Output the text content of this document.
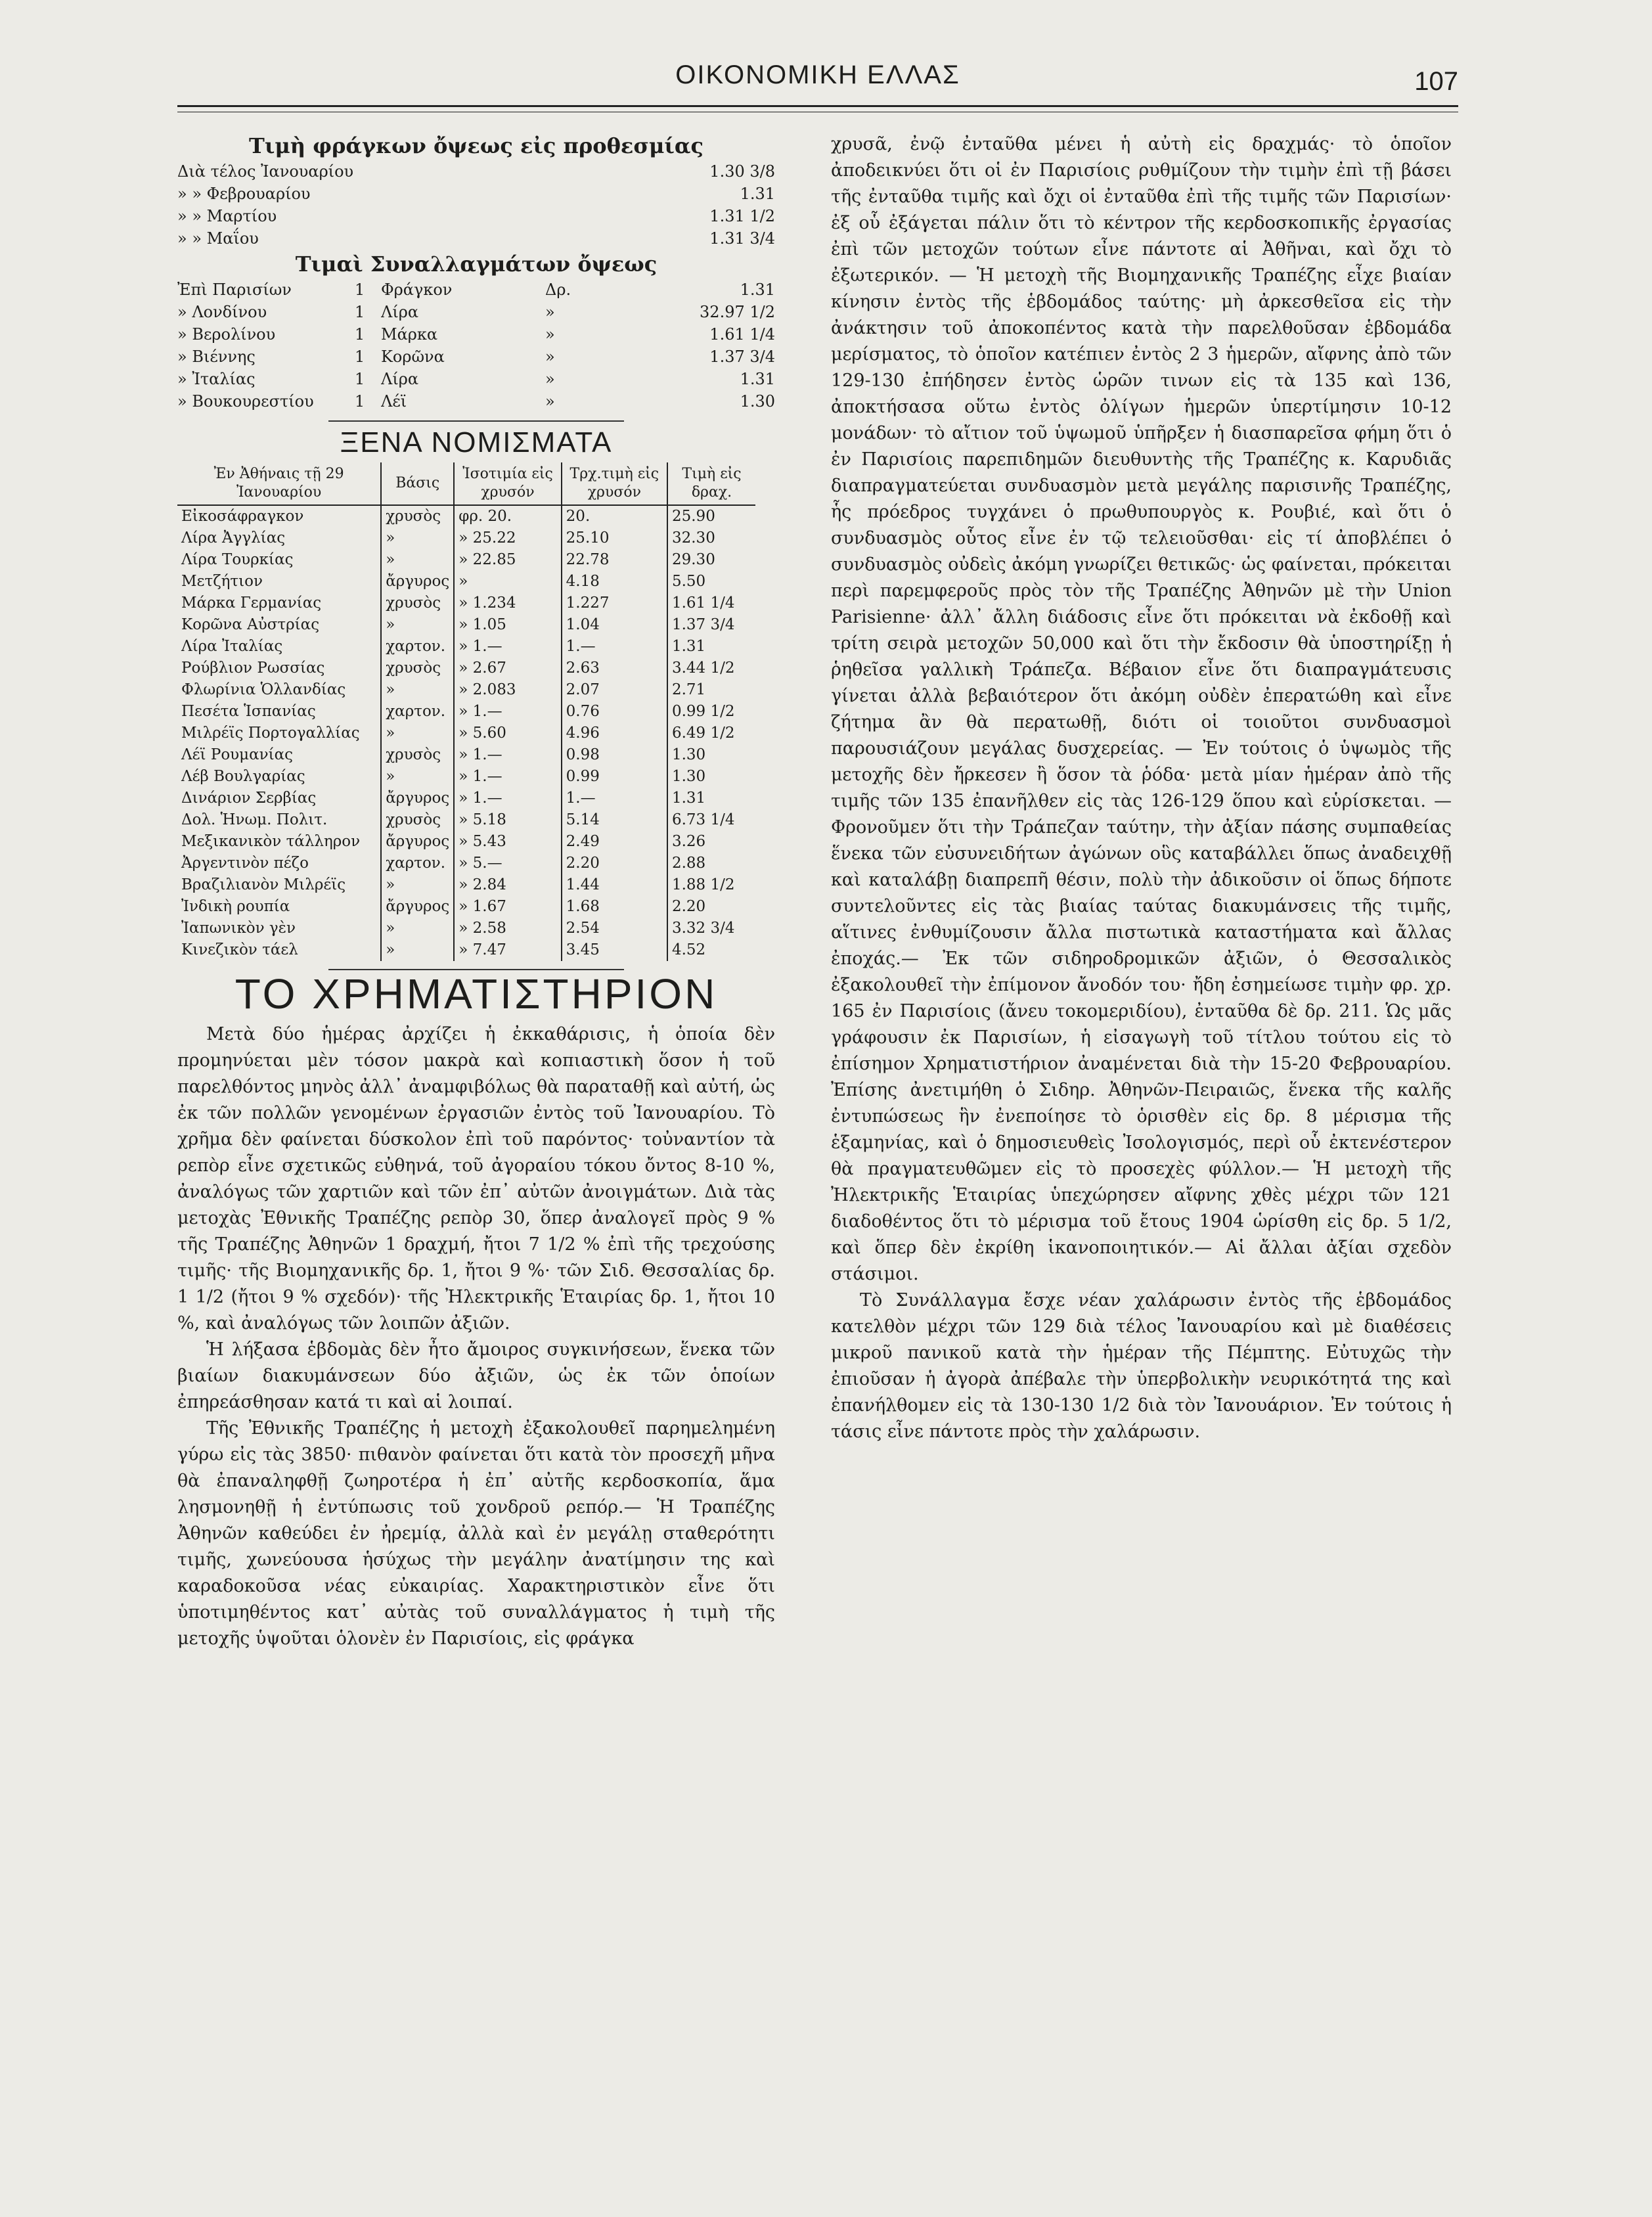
ΟΙΚΟΝΟΜΙΚΗ ΕΛΛΑΣ	107
Τιμὴ φράγκων ὄψεως εἰς προθεσμίας
Διὰ τέλος Ἰανουαρίου	1.30 3/8
» » Φεβρουαρίου	1.31
» » Μαρτίου	1.31 1/2
» » Μαΐου	1.31 3/4
Τιμαὶ Συναλλαγμάτων ὄψεως
Ἐπὶ Παρισίων	1	Φράγκον	Δρ.	1.31
» Λονδίνου	1	Λίρα	»	32.97 1/2
» Βερολίνου	1	Μάρκα	»	1.61 1/4
» Βιέννης	1	Κορῶνα	»	1.37 3/4
» Ἰταλίας	1	Λίρα	»	1.31
» Βουκουρεστίου	1	Λέϊ	»	1.30
ΞΕΝΑ ΝΟΜΙΣΜΑΤΑ
Ἐν Ἀθήναις τῇ 29 Ἰανουαρίου	Βάσις	Ἰσοτιμία εἰς χρυσόν	Τρχ.τιμὴ εἰς χρυσόν	Τιμὴ εἰς δραχ.
Εἰκοσάφραγκον	χρυσὸς	φρ. 20.	20.	25.90
Λίρα Ἀγγλίας	»	» 25.22	25.10	32.30
Λίρα Τουρκίας	»	» 22.85	22.78	29.30
Μετζήτιον	ἄργυρος	»	4.18	5.50
Μάρκα Γερμανίας	χρυσὸς	» 1.234	1.227	1.61 1/4
Κορῶνα Αὐστρίας	»	» 1.05	1.04	1.37 3/4
Λίρα Ἰταλίας	χαρτον.	» 1.—	1.—	1.31
Ρούβλιον Ρωσσίας	χρυσὸς	» 2.67	2.63	3.44 1/2
Φλωρίνια Ὁλλανδίας	»	» 2.083	2.07	2.71
Πεσέτα Ἱσπανίας	χαρτον.	» 1.—	0.76	0.99 1/2
Μιλρέϊς Πορτογαλλίας	»	» 5.60	4.96	6.49 1/2
Λέϊ Ρουμανίας	χρυσὸς	» 1.—	0.98	1.30
Λέβ Βουλγαρίας	»	» 1.—	0.99	1.30
Δινάριον Σερβίας	ἄργυρος	» 1.—	1.—	1.31
Δολ. Ἡνωμ. Πολιτ.	χρυσὸς	» 5.18	5.14	6.73 1/4
Μεξικανικὸν τάλληρον	ἄργυρος	» 5.43	2.49	3.26
Ἀργεντινὸν πέζο	χαρτον.	» 5.—	2.20	2.88
Βραζιλιανὸν Μιλρέϊς	»	» 2.84	1.44	1.88 1/2
Ἰνδικὴ ρουπία	ἄργυρος	» 1.67	1.68	2.20
Ἰαπωνικὸν γὲν	»	» 2.58	2.54	3.32 3/4
Κινεζικὸν τάελ	»	» 7.47	3.45	4.52
ΤΟ ΧΡΗΜΑΤΙΣΤΗΡΙΟΝ

Μετὰ δύο ἡμέρας ἀρχίζει ἡ ἐκκαθάρισις, ἡ ὁποία δὲν προμηνύεται μὲν τόσον μακρὰ καὶ κοπιαστικὴ ὅσον ἡ τοῦ παρελθόντος μηνὸς ἀλλ᾽ ἀναμφιβόλως θὰ παραταθῇ καὶ αὐτή, ὡς ἐκ τῶν πολλῶν γενομένων ἐργασιῶν ἐντὸς τοῦ Ἰανουαρίου. Τὸ χρῆμα δὲν φαίνεται δύσκολον ἐπὶ τοῦ παρόντος· τοὐναντίον τὰ ρεπὸρ εἶνε σχετικῶς εὐθηνά, τοῦ ἀγοραίου τόκου ὄντος 8-10 %, ἀναλόγως τῶν χαρτιῶν καὶ τῶν ἐπ᾽ αὐτῶν ἀνοιγμάτων. Διὰ τὰς μετοχὰς Ἐθνικῆς Τραπέζης ρεπὸρ 30, ὅπερ ἀναλογεῖ πρὸς 9 % τῆς Τραπέζης Ἀθηνῶν 1 δραχμή, ἤτοι 7 1/2 % ἐπὶ τῆς τρεχούσης τιμῆς· τῆς Βιομηχανικῆς δρ. 1, ἤτοι 9 %· τῶν Σιδ. Θεσσαλίας δρ. 1 1/2 (ἤτοι 9 % σχεδόν)· τῆς Ἠλεκτρικῆς Ἑταιρίας δρ. 1, ἤτοι 10 %, καὶ ἀναλόγως τῶν λοιπῶν ἀξιῶν.

Ἡ λήξασα ἑβδομὰς δὲν ἦτο ἄμοιρος συγκινήσεων, ἕνεκα τῶν βιαίων διακυμάνσεων δύο ἀξιῶν, ὡς ἐκ τῶν ὁποίων ἐπηρεάσθησαν κατά τι καὶ αἱ λοιπαί.

Τῆς Ἐθνικῆς Τραπέζης ἡ μετοχὴ ἐξακολουθεῖ παρημελημένη γύρω εἰς τὰς 3850· πιθανὸν φαίνεται ὅτι κατὰ τὸν προσεχῆ μῆνα θὰ ἐπαναληφθῇ ζωηροτέρα ἡ ἐπ᾽ αὐτῆς κερδοσκοπία, ἅμα λησμονηθῇ ἡ ἐντύπωσις τοῦ χονδροῦ ρεπόρ.— Ἡ Τραπέζης Ἀθηνῶν καθεύδει ἐν ἠρεμίᾳ, ἀλλὰ καὶ ἐν μεγάλῃ σταθερότητι τιμῆς, χωνεύουσα ἡσύχως τὴν μεγάλην ἀνατίμησιν της καὶ καραδοκοῦσα νέας εὐκαιρίας. Χαρακτηριστικὸν εἶνε ὅτι ὑποτιμηθέντος κατ᾽ αὐτὰς τοῦ συναλλάγματος ἡ τιμὴ τῆς μετοχῆς ὑψοῦται ὁλονὲν ἐν Παρισίοις, εἰς φράγκα

χρυσᾶ, ἐνῷ ἐνταῦθα μένει ἡ αὐτὴ εἰς δραχμάς· τὸ ὁποῖον ἀποδεικνύει ὅτι οἱ ἐν Παρισίοις ρυθμίζουν τὴν τιμὴν ἐπὶ τῇ βάσει τῆς ἐνταῦθα τιμῆς καὶ ὄχι οἱ ἐνταῦθα ἐπὶ τῆς τιμῆς τῶν Παρισίων· ἐξ οὗ ἐξάγεται πάλιν ὅτι τὸ κέντρον τῆς κερδοσκοπικῆς ἐργασίας ἐπὶ τῶν μετοχῶν τούτων εἶνε πάντοτε αἱ Ἀθῆναι, καὶ ὄχι τὸ ἐξωτερικόν. — Ἡ μετοχὴ τῆς Βιομηχανικῆς Τραπέζης εἶχε βιαίαν κίνησιν ἐντὸς τῆς ἑβδομάδος ταύτης· μὴ ἀρκεσθεῖσα εἰς τὴν ἀνάκτησιν τοῦ ἀποκοπέντος κατὰ τὴν παρελθοῦσαν ἑβδομάδα μερίσματος, τὸ ὁποῖον κατέπιεν ἐντὸς 2 3 ἡμερῶν, αἴφνης ἀπὸ τῶν 129-130 ἐπήδησεν ἐντὸς ὡρῶν τινων εἰς τὰ 135 καὶ 136, ἀποκτήσασα οὕτω ἐντὸς ὀλίγων ἡμερῶν ὑπερτίμησιν 10-12 μονάδων· τὸ αἴτιον τοῦ ὑψωμοῦ ὑπῆρξεν ἡ διασπαρεῖσα φήμη ὅτι ὁ ἐν Παρισίοις παρεπιδημῶν διευθυντὴς τῆς Τραπέζης κ. Καρυδιᾶς διαπραγματεύεται συνδυασμὸν μετὰ μεγάλης παρισινῆς Τραπέζης, ἧς πρόεδρος τυγχάνει ὁ πρωθυπουργὸς κ. Ρουβιέ, καὶ ὅτι ὁ συνδυασμὸς οὗτος εἶνε ἐν τῷ τελειοῦσθαι· εἰς τί ἀποβλέπει ὁ συνδυασμὸς οὐδεὶς ἀκόμη γνωρίζει θετικῶς· ὡς φαίνεται, πρόκειται περὶ παρεμφεροῦς πρὸς τὸν τῆς Τραπέζης Ἀθηνῶν μὲ τὴν Union Parisienne· ἀλλ᾽ ἄλλη διάδοσις εἶνε ὅτι πρόκειται νὰ ἐκδοθῇ καὶ τρίτη σειρὰ μετοχῶν 50,000 καὶ ὅτι τὴν ἔκδοσιν θὰ ὑποστηρίξῃ ἡ ῥηθεῖσα γαλλικὴ Τράπεζα. Βέβαιον εἶνε ὅτι διαπραγμάτευσις γίνεται ἀλλὰ βεβαιότερον ὅτι ἀκόμη οὐδὲν ἐπερατώθη καὶ εἶνε ζήτημα ἂν θὰ περατωθῇ, διότι οἱ τοιοῦτοι συνδυασμοὶ παρουσιάζουν μεγάλας δυσχερείας. — Ἐν τούτοις ὁ ὑψωμὸς τῆς μετοχῆς δὲν ἤρκεσεν ἢ ὅσον τὰ ῥόδα· μετὰ μίαν ἡμέραν ἀπὸ τῆς τιμῆς τῶν 135 ἐπανῆλθεν εἰς τὰς 126-129 ὅπου καὶ εὑρίσκεται. — Φρονοῦμεν ὅτι τὴν Τράπεζαν ταύτην, τὴν ἀξίαν πάσης συμπαθείας ἕνεκα τῶν εὐσυνειδήτων ἀγώνων οὓς καταβάλλει ὅπως ἀναδειχθῇ καὶ καταλάβῃ διαπρεπῆ θέσιν, πολὺ τὴν ἀδικοῦσιν οἱ ὅπως δήποτε συντελοῦντες εἰς τὰς βιαίας ταύτας διακυμάνσεις τῆς τιμῆς, αἵτινες ἐνθυμίζουσιν ἄλλα πιστωτικὰ καταστήματα καὶ ἄλλας ἐποχάς.— Ἐκ τῶν σιδηροδρομικῶν ἀξιῶν, ὁ Θεσσαλικὸς ἐξακολουθεῖ τὴν ἐπίμονον ἄνοδόν του· ἤδη ἐσημείωσε τιμὴν φρ. χρ. 165 ἐν Παρισίοις (ἄνευ τοκομεριδίου), ἐνταῦθα δὲ δρ. 211. Ὡς μᾶς γράφουσιν ἐκ Παρισίων, ἡ εἰσαγωγὴ τοῦ τίτλου τούτου εἰς τὸ ἐπίσημον Χρηματιστήριον ἀναμένεται διὰ τὴν 15-20 Φεβρουαρίου. Ἐπίσης ἀνετιμήθη ὁ Σιδηρ. Ἀθηνῶν-Πειραιῶς, ἕνεκα τῆς καλῆς ἐντυπώσεως ἣν ἐνεποίησε τὸ ὁρισθὲν εἰς δρ. 8 μέρισμα τῆς ἑξαμηνίας, καὶ ὁ δημοσιευθεὶς Ἰσολογισμός, περὶ οὗ ἐκτενέστερον θὰ πραγματευθῶμεν εἰς τὸ προσεχὲς φύλλον.— Ἡ μετοχὴ τῆς Ἠλεκτρικῆς Ἑταιρίας ὑπεχώρησεν αἴφνης χθὲς μέχρι τῶν 121 διαδοθέντος ὅτι τὸ μέρισμα τοῦ ἔτους 1904 ὡρίσθη εἰς δρ. 5 1/2, καὶ ὅπερ δὲν ἐκρίθη ἱκανοποιητικόν.— Αἱ ἄλλαι ἀξίαι σχεδὸν στάσιμοι.

Τὸ Συνάλλαγμα ἔσχε νέαν χαλάρωσιν ἐντὸς τῆς ἑβδομάδος κατελθὸν μέχρι τῶν 129 διὰ τέλος Ἰανουαρίου καὶ μὲ διαθέσεις μικροῦ πανικοῦ κατὰ τὴν ἡμέραν τῆς Πέμπτης. Εὐτυχῶς τὴν ἐπιοῦσαν ἡ ἀγορὰ ἀπέβαλε τὴν ὑπερβολικὴν νευρικότητά της καὶ ἐπανήλθομεν εἰς τὰ 130-130 1/2 διὰ τὸν Ἰανουάριον. Ἐν τούτοις ἡ τάσις εἶνε πάντοτε πρὸς τὴν χαλάρωσιν.
